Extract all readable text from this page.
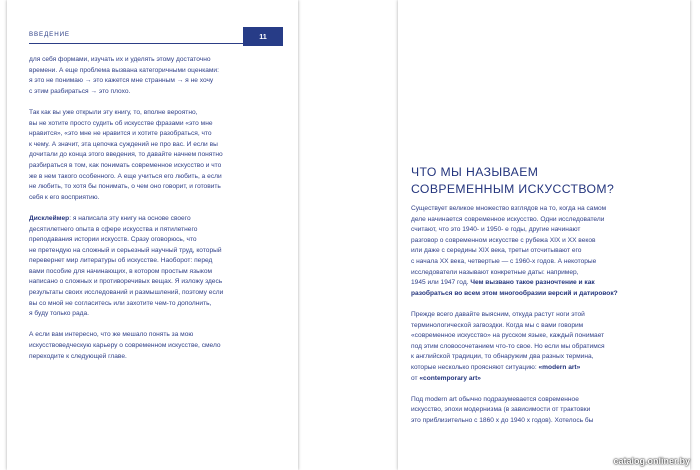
ВВЕДЕНИЕ	11

для себя формами, изучать их и уделять этому достаточно
времени. А еще проблема вызвана категоричными оценками:
я это не понимаю → это кажется мне странным → я не хочу
с этим разбираться → это плохо.

Так как вы уже открыли эту книгу, то, вполне вероятно,
вы не хотите просто судить об искусстве фразами «это мне
нравится», «это мне не нравится и хотите разобраться, что
к чему. А значит, эта цепочка суждений не про вас. И если вы
дочитали до конца этого введения, то давайте начнем понятно
разбираться в том, как понимать современное искусство и что
же в нем такого особенного. А еще учиться его любить, а если
не любить, то хотя бы понимать, о чем оно говорит, и готовить
себя к его восприятию.

Дисклеймер: я написала эту книгу на основе своего
десятилетнего опыта в сфере искусства и пятилетнего
преподавания истории искусств. Сразу оговорюсь, что
не претендую на сложный и серьезный научный труд, который
перевернет мир литературы об искусстве. Наоборот: перед
вами пособие для начинающих, в котором простым языком
написано о сложных и противоречивых вещах. Я изложу здесь
результаты своих исследований и размышлений, поэтому если
вы со мной не согласитесь или захотите чем-то дополнить,
я буду только рада.

А если вам интересно, что же мешало понять за мою
искусствоведческую карьеру о современном искусстве, смело
переходите к следующей главе.

ЧТО МЫ НАЗЫВАЕМ
СОВРЕМЕННЫМ ИСКУССТВОМ?

Существует великое множество взглядов на то, когда на самом
деле начинается современное искусство. Одни исследователи
считают, что это 1940- и 1950- е годы, другие начинают
разговор о современном искусстве с рубежа XIX и XX веков
или даже с середины XIX века, третьи отсчитывают его
с начала XX века, четвертые — с 1960-х годов. А некоторые
исследователи называют конкретные даты: например,
1945 или 1947 год. Чем вызвано такое разночтение и как
разобраться во всем этом многообразии версий и датировок?

Прежде всего давайте выясним, откуда растут ноги этой
терминологической загвоздки. Когда мы с вами говорим
«современное искусство» на русском языке, каждый понимает
под этим словосочетанием что-то свое. Но если мы обратимся
к английской традиции, то обнаружим два разных термина,
которые несколько проясняют ситуацию: «modern art»
от «contemporary art»

Под modern art обычно подразумевается современное
искусство, эпохи модернизма (в зависимости от трактовки
это приблизительно с 1860 х до 1940 х годов). Хотелось бы

catalog.onliner.by
